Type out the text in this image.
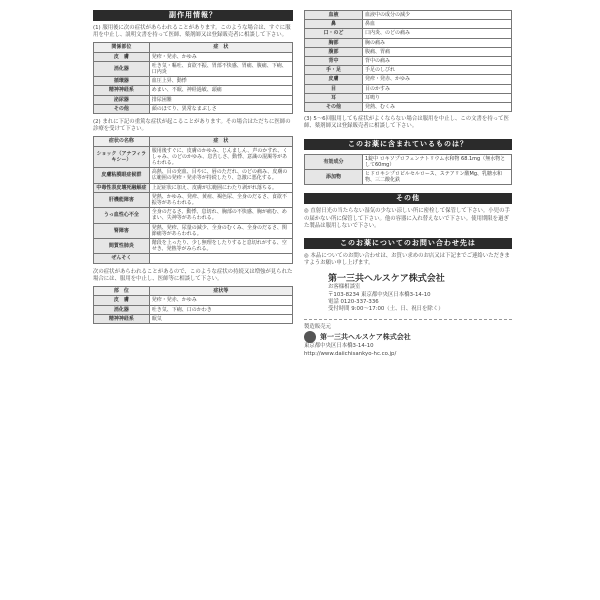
副作用情報？
(1) 服用後に次の症状があらわれることがあります。このような場合は、すぐに服用を中止し、説明文書を持って医師、薬剤師又は登録販売者に相談して下さい。
関係部位	症　状
皮　膚	発疹・発赤、かゆみ
消化器	吐き気・嘔吐、食欲不振、胃部不快感、胃痛、腹痛、下痢、口内炎
循環器	血圧上昇、動悸
精神神経系	めまい、不眠、神経過敏、頭痛
泌尿器	排尿困難
その他	顔のほてり、異常なまぶしさ
(2) まれに下記の重篤な症状が起こることがあります。その場合はただちに医師の診療を受けて下さい。
症状の名称	症　状
ショック（アナフィラキシー）	服用後すぐに、皮膚のかゆみ、じんましん、声のかすれ、くしゃみ、のどのかゆみ、息苦しさ、動悸、意識の混濁等があらわれる。
皮膚粘膜眼症候群	高熱、目の充血、目やに、唇のただれ、のどの痛み、皮膚の広範囲の発疹・発赤等が持続したり、急激に悪化する。
中毒性表皮壊死融解症	上記症状に加え、皮膚が広範囲にわたり剥がれ落ちる。
肝機能障害	発熱、かゆみ、発疹、黄疸、褐色尿、全身のだるさ、食欲不振等があらわれる。
うっ血性心不全	全身のだるさ、動悸、息切れ、胸部の不快感、胸が痛む、めまい、失神等があらわれる。
腎障害	発熱、発疹、尿量の減少、全身のむくみ、全身のだるさ、関節痛等があらわれる。
間質性肺炎	階段を上ったり、少し無理をしたりすると息切れがする、空せき、発熱等がみられる。
ぜんそく	
次の症状があらわれることがあるので、このような症状の持続又は増強が見られた場合には、服用を中止し、医師等に相談して下さい。
部　位	症状等
皮　膚	発疹・発赤、かゆみ
消化器	吐き気、下痢、口のかわき
精神神経系	眠気
血液	血液中の成分の減少
鼻	鼻血
口・のど	口内炎、のどの痛み
胸部	胸の痛み
腹部	腹痛、胃痛
背中	背中の痛み
手・足	手足のしびれ
皮膚	発疹・発赤、かゆみ
目	目のかすみ
耳	耳鳴り
その他	発熱、むくみ
(3) 5〜6回服用しても症状がよくならない場合は服用を中止し、この文書を持って医師、薬剤師又は登録販売者に相談して下さい。
このお薬に含まれているものは？
有効成分	1錠中 ロキソプロフェンナトリウム水和物 68.1mg（無水物として60mg）
添加物	ヒドロキシプロピルセルロース、ステアリン酸Mg、乳糖水和物、三二酸化鉄
その他
◎ 直射日光の当たらない湿気の少ない涼しい所に密栓して保管して下さい。小児の手の届かない所に保管して下さい。他の容器に入れ替えないで下さい。使用期限を過ぎた製品は服用しないで下さい。
このお薬についてのお問い合わせ先は
◎ 本品についてのお問い合わせは、お買い求めのお店又は下記までご連絡いただきますようお願い申し上げます。
第一三共ヘルスケア株式会社
お客様相談室
〒103-8234 東京都中央区日本橋3-14-10
電話 0120-337-336
受付時間 9:00〜17:00（土、日、祝日を除く）
製造販売元
第一三共ヘルスケア株式会社
東京都中央区日本橋3-14-10
http://www.daiichisankyo-hc.co.jp/
